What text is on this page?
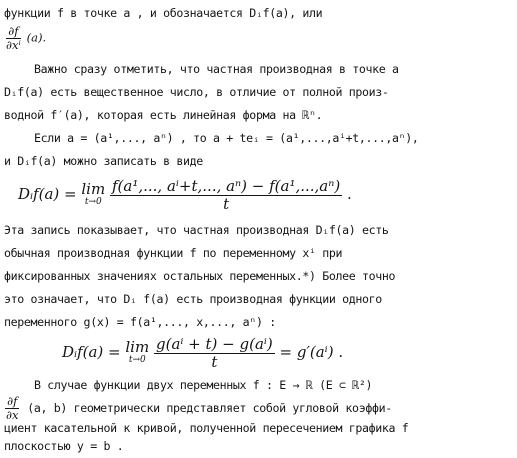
функции f в точке a , и обозначается Dᵢf(a), или
$\frac{\partial f}{\text{∂xⁱ}} (a)$.
Важно сразу отметить, что частная производная в точке a
Dᵢf(a) есть вещественное число, в отличие от полной произ-
водной f′(a), которая есть линейная форма на ℝⁿ.
Если a = (a¹,..., aⁿ) , то a + teᵢ = (a¹,...,aⁱ+t,...,aⁿ),
и Dᵢf(a) можно записать в виде
Dᵢf(a) = lim
t→0
$\frac{\text{f(a¹,..., aⁱ+t,..., aⁿ) − f(a¹,...,aⁿ)}}{t}$ .
Эта запись показывает, что частная производная Dᵢf(a) есть
обычная производная функции f по переменному xⁱ при
фиксированных значениях остальных переменных.*) Более точно
это означает, что Dᵢ f(a) есть производная функции одного
переменного g(x) = f(a¹,..., x,..., aⁿ) :
Dᵢf(a) = lim
t→0
$\frac{\text{g(aⁱ + t) − g(aⁱ)}}{t} = g'(a^i)$ .
В случае функции двух переменных f : E → ℝ (E ⊂ ℝ²)
$\frac{\partial f}{\partial x} (a$, b) геометрически представляет собой угловой коэффи-
циент касательной к кривой, полученной пересечением графика f
плоскостью y = b .
